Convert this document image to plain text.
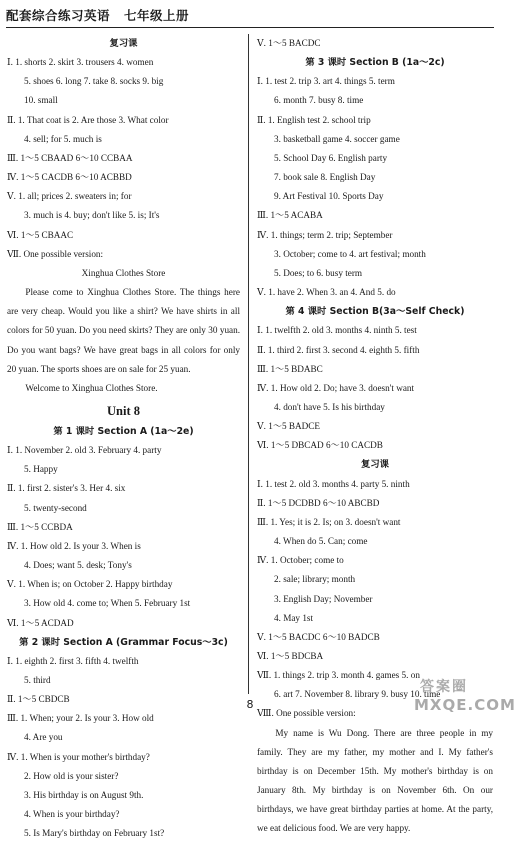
配套综合练习英语 七年级上册
复习课
Ⅰ. 1. shorts 2. skirt 3. trousers 4. women
5. shoes 6. long 7. take 8. socks 9. big
10. small
Ⅱ. 1. That coat is 2. Are those 3. What color
4. sell; for 5. much is
Ⅲ. 1～5 CBAAD 6～10 CCBAA
Ⅳ. 1～5 CACDB 6～10 ACBBD
Ⅴ. 1. all; prices 2. sweaters in; for
3. much is 4. buy; don't like 5. is; It's
Ⅵ. 1～5 CBAAC
Ⅶ. One possible version:
Xinghua Clothes Store
Please come to Xinghua Clothes Store. The things here are very cheap. Would you like a shirt? We have shirts in all colors for 50 yuan. Do you need skirts? They are only 30 yuan. Do you want bags? We have great bags in all colors for only 20 yuan. The sports shoes are on sale for 25 yuan.
Welcome to Xinghua Clothes Store.
Unit 8
第 1 课时 Section A (1a～2e)
Ⅰ. 1. November 2. old 3. February 4. party
5. Happy
Ⅱ. 1. first 2. sister's 3. Her 4. six
5. twenty-second
Ⅲ. 1～5 CCBDA
Ⅳ. 1. How old 2. Is your 3. When is
4. Does; want 5. desk; Tony's
Ⅴ. 1. When is; on October 2. Happy birthday
3. How old 4. come to; When 5. February 1st
Ⅵ. 1～5 ACDAD
第 2 课时 Section A (Grammar Focus～3c)
Ⅰ. 1. eighth 2. first 3. fifth 4. twelfth
5. third
Ⅱ. 1～5 CBDCB
Ⅲ. 1. When; your 2. Is your 3. How old
4. Are you
Ⅳ. 1. When is your mother's birthday?
2. How old is your sister?
3. His birthday is on August 9th.
4. When is your birthday?
5. Is Mary's birthday on February 1st?
Ⅴ. 1～5 BACDC
第 3 课时 Section B (1a～2c)
Ⅰ. 1. test 2. trip 3. art 4. things 5. term
6. month 7. busy 8. time
Ⅱ. 1. English test 2. school trip
3. basketball game 4. soccer game
5. School Day 6. English party
7. book sale 8. English Day
9. Art Festival 10. Sports Day
Ⅲ. 1～5 ACABA
Ⅳ. 1. things; term 2. trip; September
3. October; come to 4. art festival; month
5. Does; to 6. busy term
Ⅴ. 1. have 2. When 3. an 4. And 5. do
第 4 课时 Section B(3a～Self Check)
Ⅰ. 1. twelfth 2. old 3. months 4. ninth 5. test
Ⅱ. 1. third 2. first 3. second 4. eighth 5. fifth
Ⅲ. 1～5 BDABC
Ⅳ. 1. How old 2. Do; have 3. doesn't want
4. don't have 5. Is his birthday
Ⅴ. 1～5 BADCE
Ⅵ. 1～5 DBCAD 6～10 CACDB
复习课
Ⅰ. 1. test 2. old 3. months 4. party 5. ninth
Ⅱ. 1～5 DCDBD 6～10 ABCBD
Ⅲ. 1. Yes; it is 2. Is; on 3. doesn't want
4. When do 5. Can; come
Ⅳ. 1. October; come to
2. sale; library; month
3. English Day; November
4. May 1st
Ⅴ. 1～5 BACDC 6～10 BADCB
Ⅵ. 1～5 BDCBA
Ⅶ. 1. things 2. trip 3. month 4. games 5. on
6. art 7. November 8. library 9. busy 10. time
Ⅷ. One possible version:
My name is Wu Dong. There are three people in my family. They are my father, my mother and I. My father's birthday is on December 15th. My mother's birthday is on January 8th. My birthday is on November 6th. On our birthdays, we have great birthday parties at home. At the party, we eat delicious food. We are very happy.
8
答案圈
MXQE.COM
